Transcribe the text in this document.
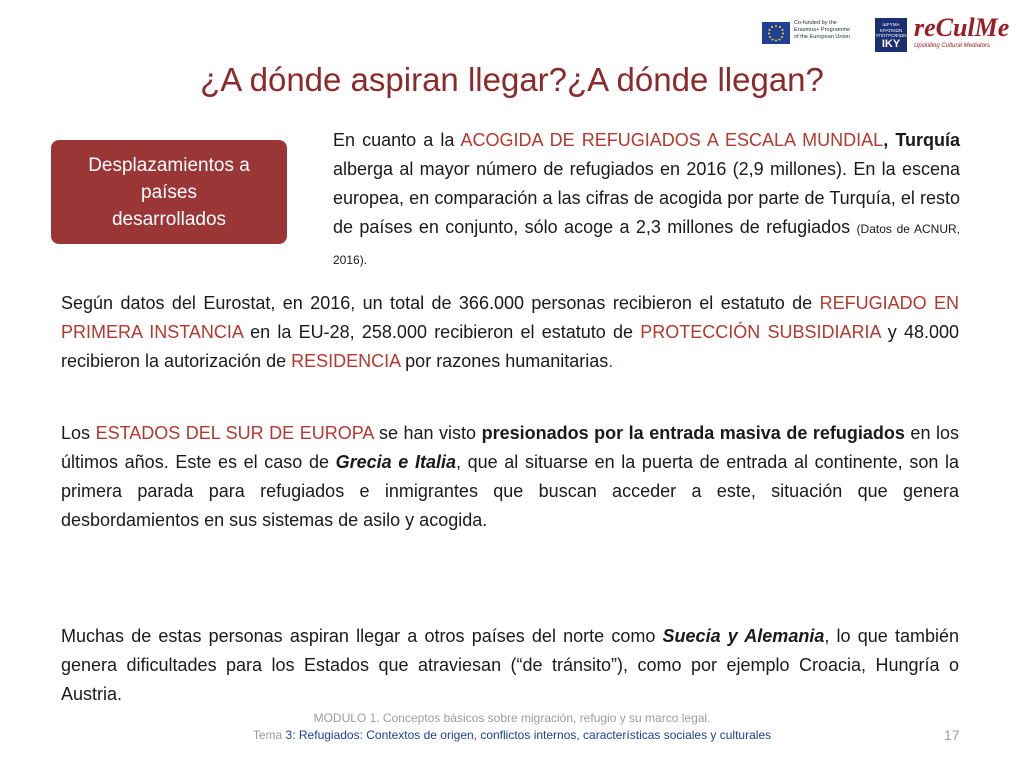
Co-funded by the
Erasmus+ Programme
of the European Union
ΙΔΡΥΜΑ ΚΡΑΤΙΚΩΝ ΥΠΟΤΡΟΦΙΩΝ
IKY
reCulMe
Upskilling Cultural Mediators
¿A dónde aspiran llegar?¿A dónde llegan?
Desplazamientos a
países
desarrollados
En cuanto a la ACOGIDA DE REFUGIADOS A ESCALA MUNDIAL, Turquía alberga al mayor número de refugiados en 2016 (2,9 millones). En la escena europea, en comparación a las cifras de acogida por parte de Turquía, el resto de países en conjunto, sólo acoge a 2,3 millones de refugiados (Datos de ACNUR, 2016).
Según datos del Eurostat, en 2016, un total de 366.000 personas recibieron el estatuto de REFUGIADO EN PRIMERA INSTANCIA en la EU-28, 258.000 recibieron el estatuto de PROTECCIÓN SUBSIDIARIA y 48.000 recibieron la autorización de RESIDENCIA por razones humanitarias.
Los ESTADOS DEL SUR DE EUROPA se han visto presionados por la entrada masiva de refugiados en los últimos años. Este es el caso de Grecia e Italia, que al situarse en la puerta de entrada al continente, son la primera parada para refugiados e inmigrantes que buscan acceder a este, situación que genera desbordamientos en sus sistemas de asilo y acogida.
Muchas de estas personas aspiran llegar a otros países del norte como Suecia y Alemania, lo que también genera dificultades para los Estados que atraviesan (“de tránsito”), como por ejemplo Croacia, Hungría o Austria.
MODULO 1. Conceptos básicos sobre migración, refugio y su marco legal.
Tema 3: Refugiados: Contextos de origen, conflictos internos, características sociales y culturales	17
